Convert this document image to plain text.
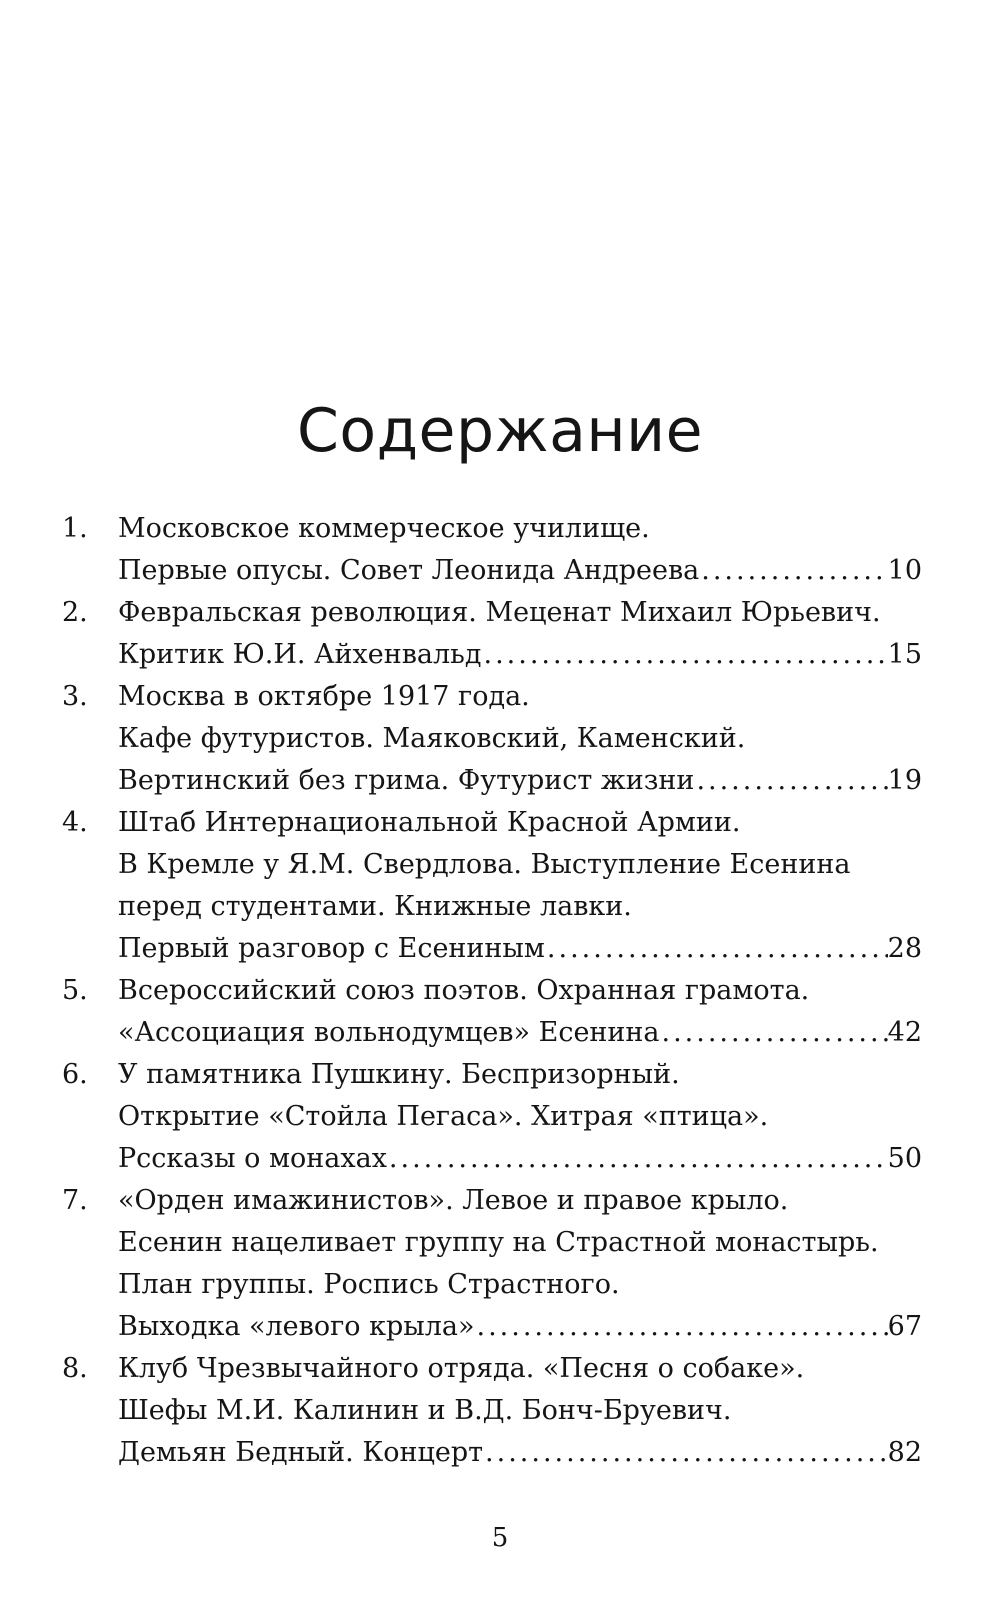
Содержание
1.	Московское коммерческое училище.
Первые опусы. Совет Леонида Андреева .....	10
2.	Февральская революция. Меценат Михаил Юрьевич.
Критик Ю.И. Айхенвальд .....	15
3.	Москва в октябре 1917 года.
Кафе футуристов. Маяковский, Каменский.
Вертинский без грима. Футурист жизни .....	19
4.	Штаб Интернациональной Красной Армии.
В Кремле у Я.М. Свердлова. Выступление Есенина
перед студентами. Книжные лавки.
Первый разговор с Есениным .....	28
5.	Всероссийский союз поэтов. Охранная грамота.
«Ассоциация вольнодумцев» Есенина .....	42
6.	У памятника Пушкину. Беспризорный.
Открытие «Стойла Пегаса». Хитрая «птица».
Рссказы о монахах .....	50
7.	«Орден имажинистов». Левое и правое крыло.
Есенин нацеливает группу на Страстной монастырь.
План группы. Роспись Страстного.
Выходка «левого крыла» .....	67
8.	Клуб Чрезвычайного отряда. «Песня о собаке».
Шефы М.И. Калинин и В.Д. Бонч-Бруевич.
Демьян Бедный. Концерт .....	82
5
